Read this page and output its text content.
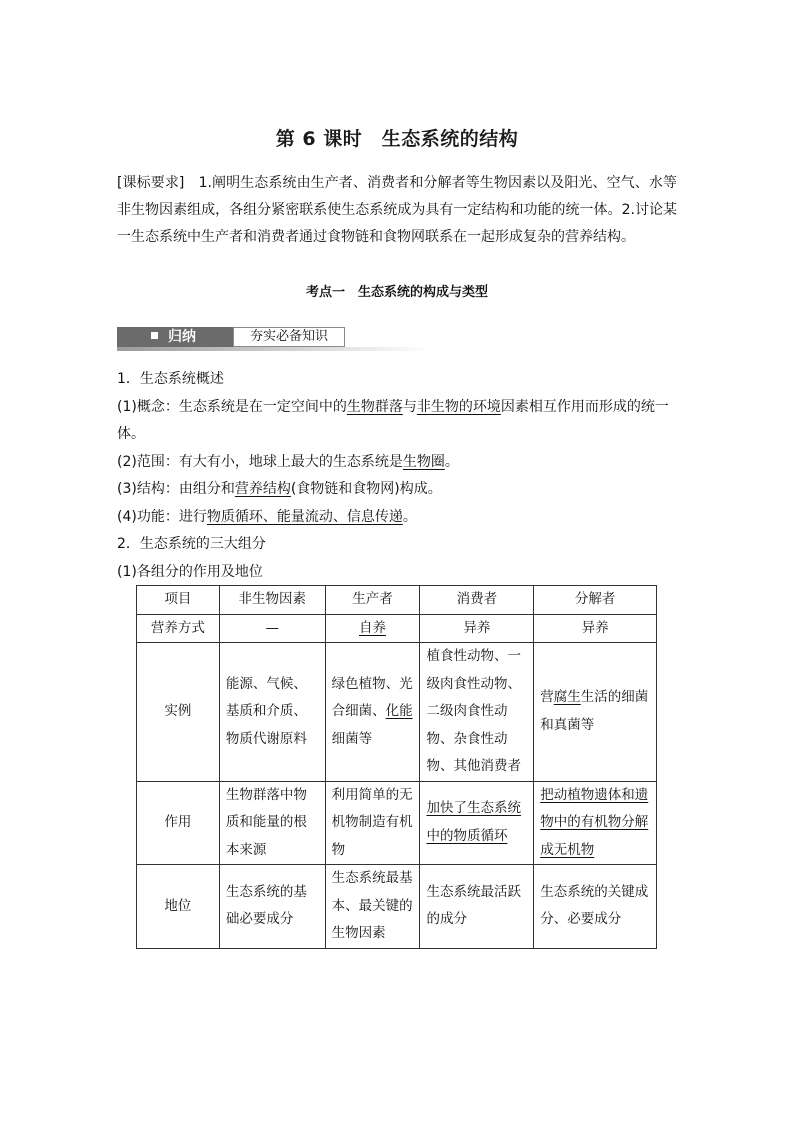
第 6 课时　生态系统的结构
[课标要求]　 1.阐明生态系统由生产者、消费者和分解者等生物因素以及阳光、空气、水等非生物因素组成，各组分紧密联系使生态系统成为具有一定结构和功能的统一体。2.讨论某一生态系统中生产者和消费者通过食物链和食物网联系在一起形成复杂的营养结构。
考点一　生态系统的构成与类型
归纳	夯实必备知识

1．生态系统概述

(1)概念：生态系统是在一定空间中的生物群落与非生物的环境因素相互作用而形成的统一体。

(2)范围：有大有小，地球上最大的生态系统是生物圈。

(3)结构：由组分和营养结构(食物链和食物网)构成。

(4)功能：进行物质循环、能量流动、信息传递。

2．生态系统的三大组分

(1)各组分的作用及地位

项目	非生物因素	生产者	消费者	分解者
营养方式	—	自养	异养	异养
实例	能源、气候、基质和介质、物质代谢原料	绿色植物、光合细菌、化能细菌等	植食性动物、一级肉食性动物、二级肉食性动物、杂食性动物、其他消费者	营腐生生活的细菌和真菌等
作用	生物群落中物质和能量的根本来源	利用简单的无机物制造有机物	加快了生态系统中的物质循环	把动植物遗体和遗物中的有机物分解成无机物
地位	生态系统的基础必要成分	生态系统最基本、最关键的生物因素	生态系统最活跃的成分	生态系统的关键成分、必要成分
